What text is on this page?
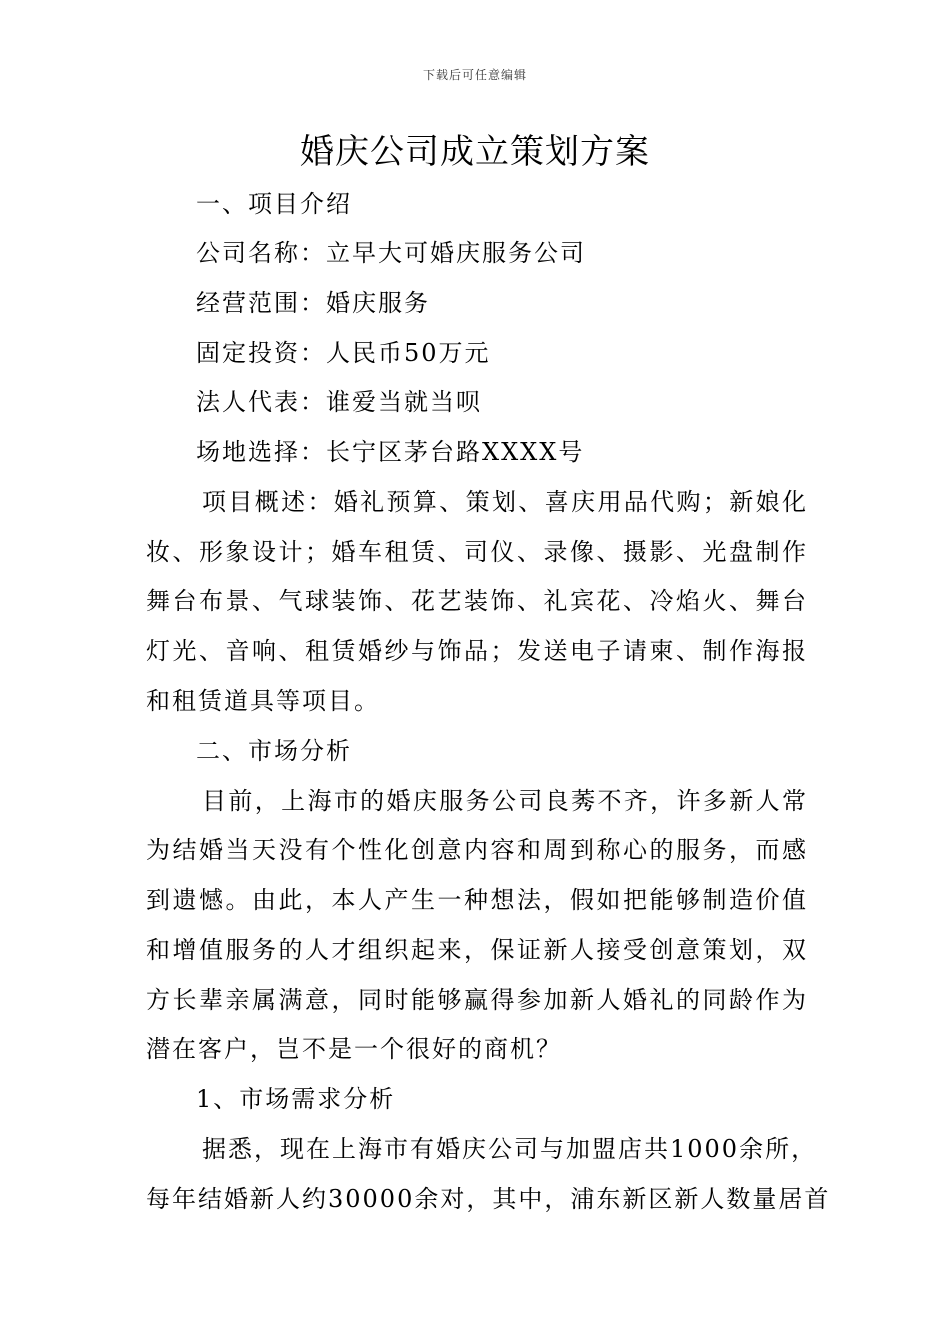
下载后可任意编辑
婚庆公司成立策划方案

一、项目介绍

公司名称：立早大可婚庆服务公司

经营范围：婚庆服务

固定投资：人民币50万元

法人代表：谁爱当就当呗

场地选择：长宁区茅台路XXXX号

项目概述：婚礼预算、策划、喜庆用品代购；新娘化

妆、形象设计；婚车租赁、司仪、录像、摄影、光盘制作

舞台布景、气球装饰、花艺装饰、礼宾花、冷焰火、舞台

灯光、音响、租赁婚纱与饰品；发送电子请柬、制作海报

和租赁道具等项目。

二、市场分析

目前，上海市的婚庆服务公司良莠不齐，许多新人常

为结婚当天没有个性化创意内容和周到称心的服务，而感

到遗憾。由此，本人产生一种想法，假如把能够制造价值

和增值服务的人才组织起来，保证新人接受创意策划，双

方长辈亲属满意，同时能够赢得参加新人婚礼的同龄作为

潜在客户，岂不是一个很好的商机？

1、市场需求分析

据悉，现在上海市有婚庆公司与加盟店共1000余所，

每年结婚新人约30000余对，其中，浦东新区新人数量居首
